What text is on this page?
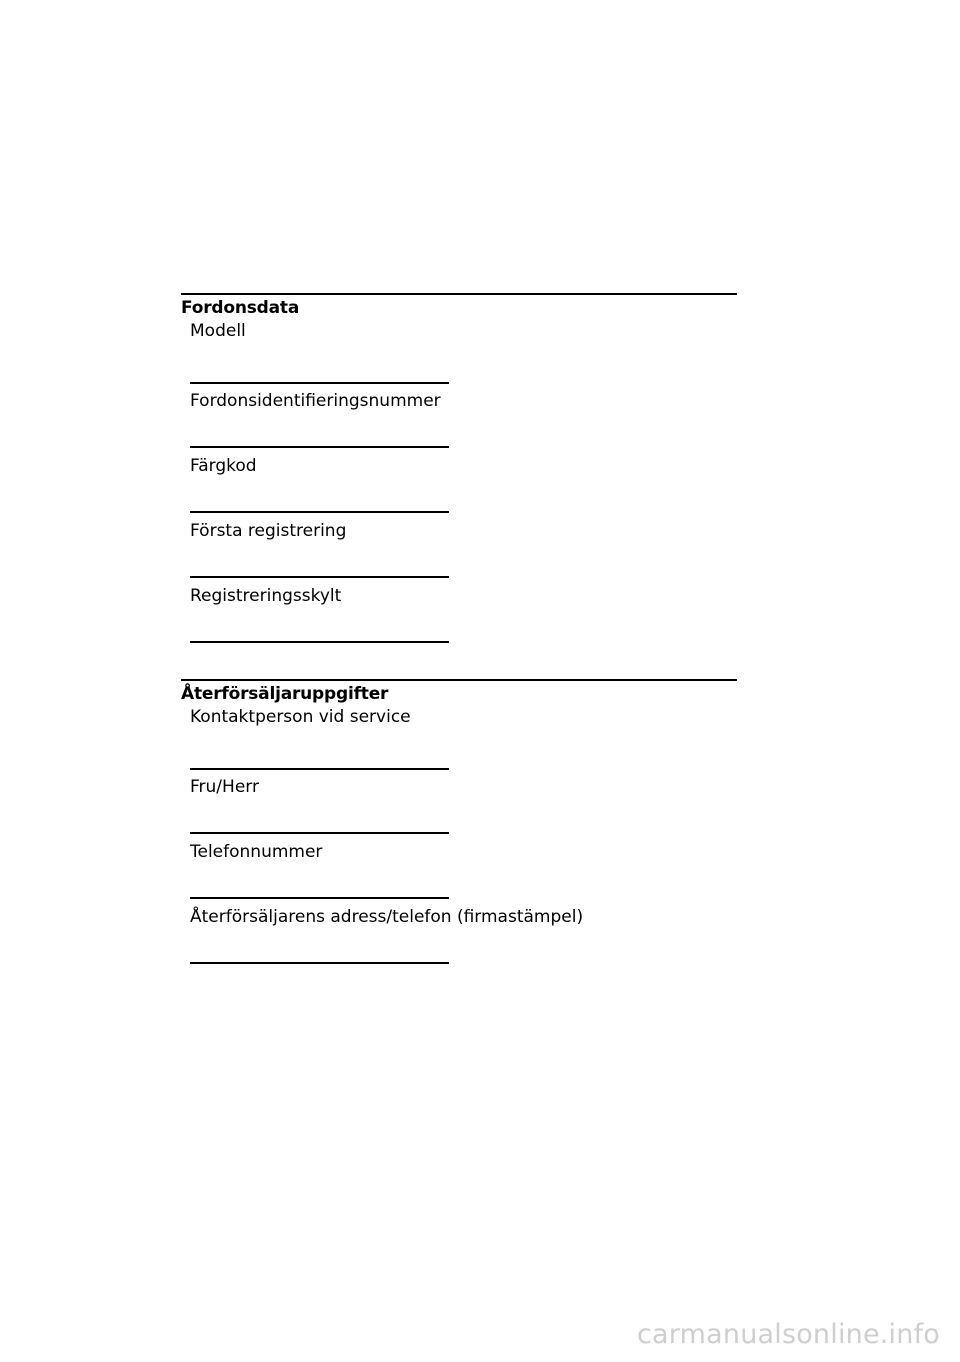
Fordonsdata
Modell
Fordonsidentifieringsnummer
Färgkod
Första registrering
Registreringsskylt
Återförsäljaruppgifter
Kontaktperson vid service
Fru/Herr
Telefonnummer
Återförsäljarens adress/telefon (firmastämpel)
carmanualsonline.info
